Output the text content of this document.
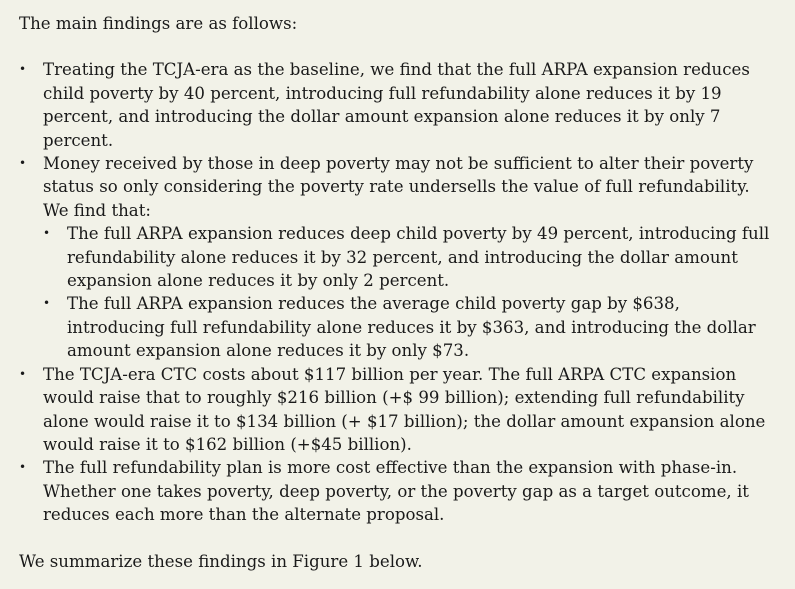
The main findings are as follows:

•	Treating the TCJA-era as the baseline, we find that the full ARPA expansion reduces child poverty by 40 percent, introducing full refundability alone reduces it by 19 percent, and introducing the dollar amount expansion alone reduces it by only 7 percent.
•	Money received by those in deep poverty may not be sufficient to alter their poverty status so only considering the poverty rate undersells the value of full refundability. We find that:
•	The full ARPA expansion reduces deep child poverty by 49 percent, introducing full refundability alone reduces it by 32 percent, and introducing the dollar amount expansion alone reduces it by only 2 percent.
•	The full ARPA expansion reduces the average child poverty gap by $638, introducing full refundability alone reduces it by $363, and introducing the dollar amount expansion alone reduces it by only $73.
•	The TCJA-era CTC costs about $117 billion per year. The full ARPA CTC expansion would raise that to roughly $216 billion (+$ 99 billion); extending full refundability alone would raise it to $134 billion (+ $17 billion); the dollar amount expansion alone would raise it to $162 billion (+$45 billion).
•	The full refundability plan is more cost effective than the expansion with phase-in. Whether one takes poverty, deep poverty, or the poverty gap as a target outcome, it reduces each more than the alternate proposal.

We summarize these findings in Figure 1 below.
